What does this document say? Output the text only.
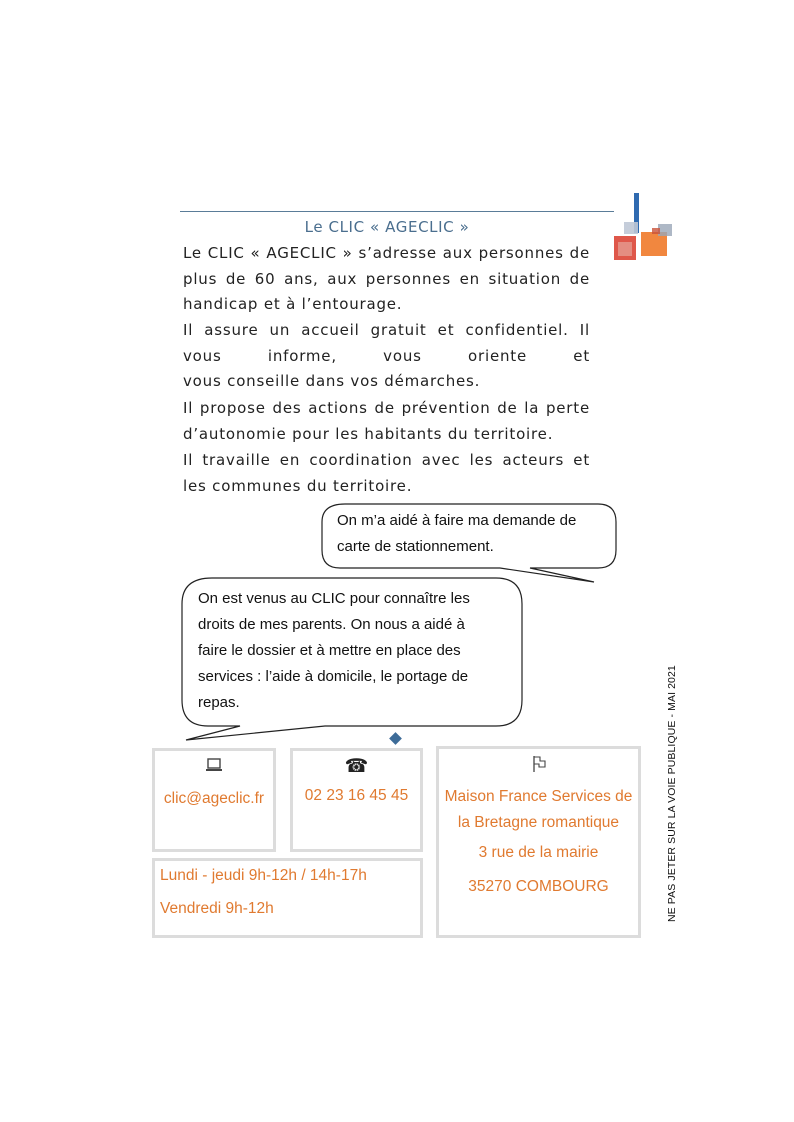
Le CLIC « AGECLIC »

Le CLIC « AGECLIC » s’adresse aux personnes de plus de 60 ans, aux personnes en situation de handicap et à l’entourage.

Il assure un accueil gratuit et confidentiel. Il vous informe, vous oriente et

vous conseille dans vos démarches.

Il propose des actions de prévention de la perte d’autonomie pour les habitants du territoire.

Il travaille en coordination avec les acteurs et les communes du territoire.

On m’a aidé à faire ma demande de carte de stationnement.
On est venus au CLIC pour connaître les droits de mes parents. On nous a aidé à faire le dossier et à mettre en place des services : l’aide à domicile, le portage de repas.
clic@ageclic.fr
☎
02 23 16 45 45	Maison France Services de la Bretagne romantique
3 rue de la mairie
35270 COMBOURG
Lundi - jeudi 9h-12h / 14h-17h
Vendredi 9h-12h	NE PAS JETER SUR LA VOIE PUBLIQUE - MAI 2021
